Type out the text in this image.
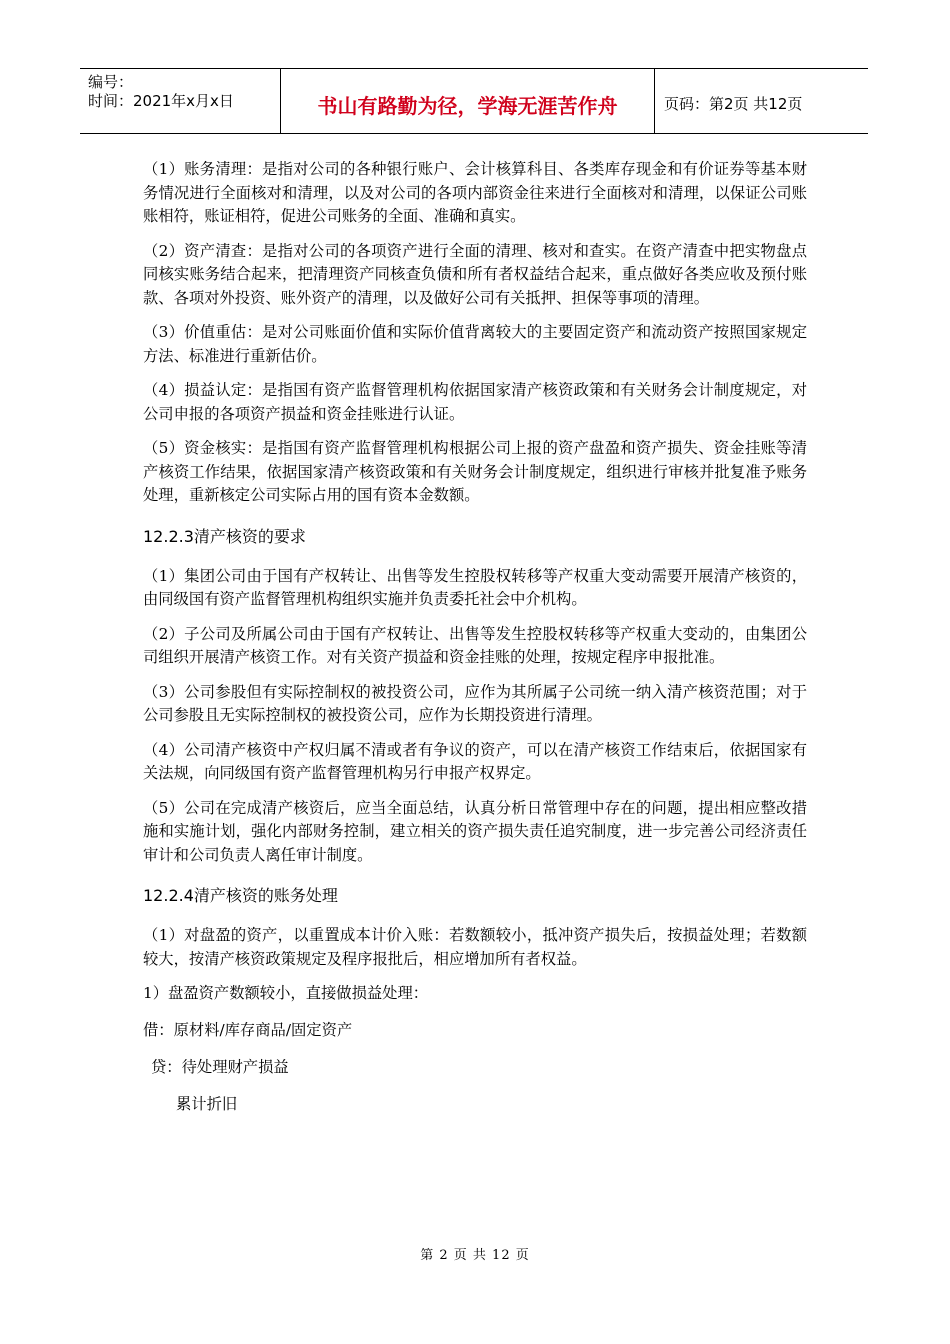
编号：
时间：2021年x月x日	书山有路勤为径，学海无涯苦作舟	页码：第2页 共12页

（1）账务清理：是指对公司的各种银行账户、会计核算科目、各类库存现金和有价证券等基本财务情况进行全面核对和清理，以及对公司的各项内部资金往来进行全面核对和清理，以保证公司账账相符，账证相符，促进公司账务的全面、准确和真实。

（2）资产清查：是指对公司的各项资产进行全面的清理、核对和查实。在资产清查中把实物盘点同核实账务结合起来，把清理资产同核查负债和所有者权益结合起来，重点做好各类应收及预付账款、各项对外投资、账外资产的清理，以及做好公司有关抵押、担保等事项的清理。

（3）价值重估：是对公司账面价值和实际价值背离较大的主要固定资产和流动资产按照国家规定方法、标准进行重新估价。

（4）损益认定：是指国有资产监督管理机构依据国家清产核资政策和有关财务会计制度规定，对公司申报的各项资产损益和资金挂账进行认证。

（5）资金核实：是指国有资产监督管理机构根据公司上报的资产盘盈和资产损失、资金挂账等清产核资工作结果，依据国家清产核资政策和有关财务会计制度规定，组织进行审核并批复准予账务处理，重新核定公司实际占用的国有资本金数额。

12.2.3清产核资的要求

（1）集团公司由于国有产权转让、出售等发生控股权转移等产权重大变动需要开展清产核资的，由同级国有资产监督管理机构组织实施并负责委托社会中介机构。

（2）子公司及所属公司由于国有产权转让、出售等发生控股权转移等产权重大变动的，由集团公司组织开展清产核资工作。对有关资产损益和资金挂账的处理，按规定程序申报批准。

（3）公司参股但有实际控制权的被投资公司，应作为其所属子公司统一纳入清产核资范围；对于公司参股且无实际控制权的被投资公司，应作为长期投资进行清理。

（4）公司清产核资中产权归属不清或者有争议的资产，可以在清产核资工作结束后，依据国家有关法规，向同级国有资产监督管理机构另行申报产权界定。

（5）公司在完成清产核资后，应当全面总结，认真分析日常管理中存在的问题，提出相应整改措施和实施计划，强化内部财务控制，建立相关的资产损失责任追究制度，进一步完善公司经济责任审计和公司负责人离任审计制度。

12.2.4清产核资的账务处理

（1）对盘盈的资产，以重置成本计价入账：若数额较小，抵冲资产损失后，按损益处理；若数额较大，按清产核资政策规定及程序报批后，相应增加所有者权益。

1）盘盈资产数额较小，直接做损益处理：
借：原材料/库存商品/固定资产
贷：待处理财产损益
累计折旧
第 2 页 共 12 页
